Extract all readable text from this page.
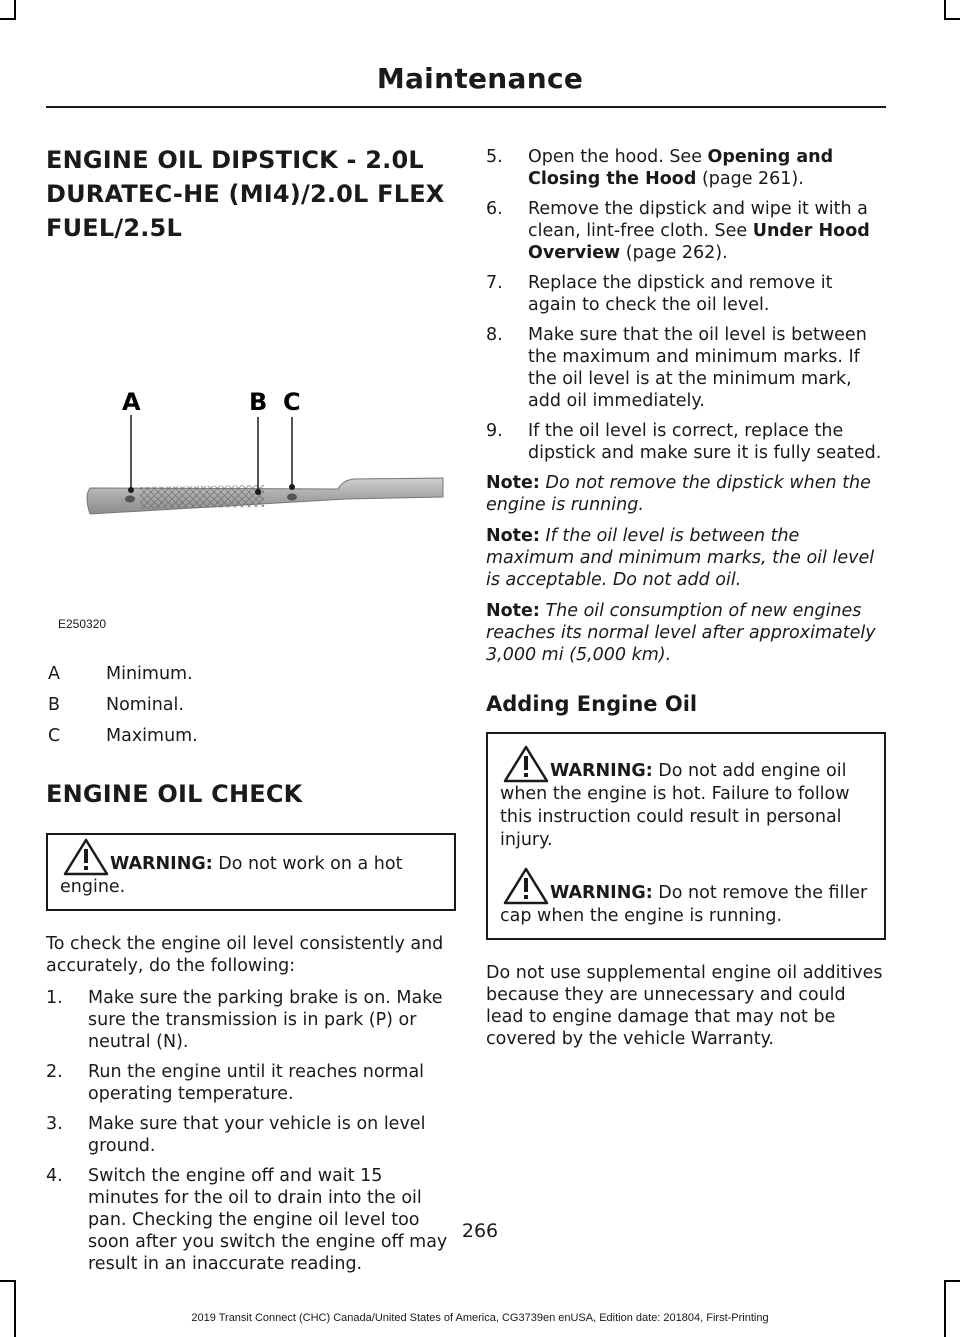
Maintenance
ENGINE OIL DIPSTICK - 2.0L
DURATEC-HE (MI4)/2.0L FLEX
FUEL/2.5L
A	B C
E250320
A	Minimum.
B	Nominal.
C	Maximum.
ENGINE OIL CHECK
WARNING: Do not work on a hot engine.

To check the engine oil level consistently and accurately, do the following:

1.	Make sure the parking brake is on. Make sure the transmission is in park (P) or neutral (N).
2.	Run the engine until it reaches normal operating temperature.
3.	Make sure that your vehicle is on level ground.
4.	Switch the engine off and wait 15 minutes for the oil to drain into the oil pan. Checking the engine oil level too soon after you switch the engine off may result in an inaccurate reading.
5.	Open the hood. See Opening and Closing the Hood (page 261).
6.	Remove the dipstick and wipe it with a clean, lint-free cloth. See Under Hood Overview (page 262).
7.	Replace the dipstick and remove it again to check the oil level.
8.	Make sure that the oil level is between the maximum and minimum marks. If the oil level is at the minimum mark, add oil immediately.
9.	If the oil level is correct, replace the dipstick and make sure it is fully seated.

Note: Do not remove the dipstick when the engine is running.

Note: If the oil level is between the maximum and minimum marks, the oil level is acceptable. Do not add oil.

Note: The oil consumption of new engines reaches its normal level after approximately 3,000 mi (5,000 km).

Adding Engine Oil
WARNING: Do not add engine oil when the engine is hot. Failure to follow this instruction could result in personal injury.
WARNING: Do not remove the filler cap when the engine is running.

Do not use supplemental engine oil additives because they are unnecessary and could lead to engine damage that may not be covered by the vehicle Warranty.

266
2019 Transit Connect (CHC) Canada/United States of America, CG3739en enUSA, Edition date: 201804, First-Printing
